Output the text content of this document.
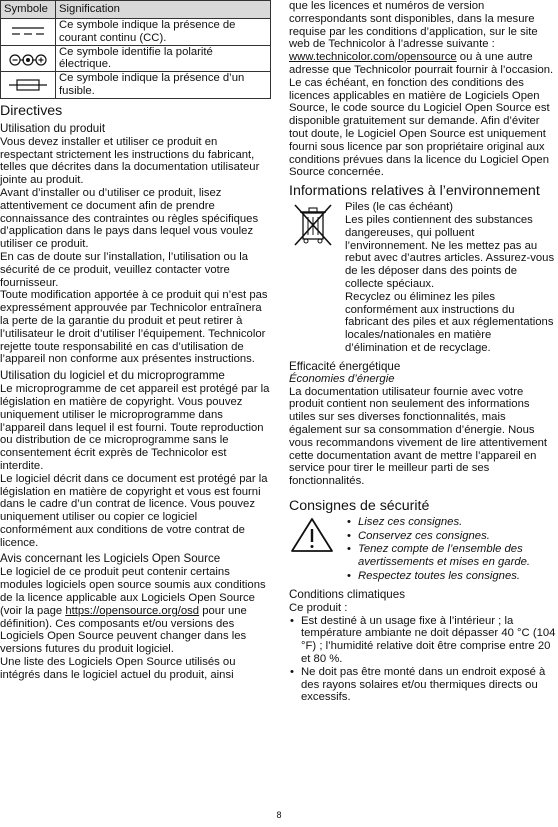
Symbole	Signification

	Ce symbole indique la présence de courant continu (CC).

	Ce symbole identifie la polarité électrique.

	Ce symbole indique la présence d’un fusible.
Directives
Utilisation du produit

Vous devez installer et utiliser ce produit en respectant strictement les instructions du fabricant, telles que décrites dans la documentation utilisateur jointe au produit.

Avant d’installer ou d’utiliser ce produit, lisez attentivement ce document afin de prendre connaissance des contraintes ou règles spécifiques d’application dans le pays dans lequel vous voulez utiliser ce produit.

En cas de doute sur l’installation, l’utilisation ou la sécurité de ce produit, veuillez contacter votre fournisseur.

Toute modification apportée à ce produit qui n’est pas expressément approuvée par Technicolor entraînera la perte de la garantie du produit et peut retirer à l’utilisateur le droit d’utiliser l’équipement. Technicolor rejette toute responsabilité en cas d’utilisation de l’appareil non conforme aux présentes instructions.

Utilisation du logiciel et du microprogramme

Le microprogramme de cet appareil est protégé par la législation en matière de copyright. Vous pouvez uniquement utiliser le microprogramme dans l’appareil dans lequel il est fourni. Toute reproduction ou distribution de ce microprogramme sans le consentement écrit exprès de Technicolor est interdite.

Le logiciel décrit dans ce document est protégé par la législation en matière de copyright et vous est fourni dans le cadre d’un contrat de licence. Vous pouvez uniquement utiliser ou copier ce logiciel conformément aux conditions de votre contrat de licence.

Avis concernant les Logiciels Open Source

Le logiciel de ce produit peut contenir certains modules logiciels open source soumis aux conditions de la licence applicable aux Logiciels Open Source (voir la page https://opensource.org/osd pour une définition). Ces composants et/ou versions des Logiciels Open Source peuvent changer dans les versions futures du produit logiciel.

Une liste des Logiciels Open Source utilisés ou intégrés dans le logiciel actuel du produit, ainsi

que les licences et numéros de version correspondants sont disponibles, dans la mesure requise par les conditions d’application, sur le site web de Technicolor à l’adresse suivante : www.technicolor.com/opensource ou à une autre adresse que Technicolor pourrait fournir à l’occasion.

Le cas échéant, en fonction des conditions des licences applicables en matière de Logiciels Open Source, le code source du Logiciel Open Source est disponible gratuitement sur demande. Afin d’éviter tout doute, le Logiciel Open Source est uniquement fourni sous licence par son propriétaire original aux conditions prévues dans la licence du Logiciel Open Source concernée.

Informations relatives à l’environnement

Piles (le cas échéant)

Les piles contiennent des substances dangereuses, qui polluent l’environnement. Ne les mettez pas au rebut avec d’autres articles. Assurez-vous de les déposer dans des points de collecte spéciaux.

Recyclez ou éliminez les piles conformément aux instructions du fabricant des piles et aux réglementations locales/nationales en matière d’élimination et de recyclage.

Efficacité énergétique

Économies d’énergie

La documentation utilisateur fournie avec votre produit contient non seulement des informations utiles sur ses diverses fonctionnalités, mais également sur sa consommation d’énergie. Nous vous recommandons vivement de lire attentivement cette documentation avant de mettre l’appareil en service pour tirer le meilleur parti de ses fonctionnalités.

Consignes de sécurité
• Lisez ces consignes.
• Conservez ces consignes.
• Tenez compte de l’ensemble des avertissements et mises en garde.
• Respectez toutes les consignes.
Conditions climatiques

Ce produit :

• Est destiné à un usage fixe à l’intérieur ; la température ambiante ne doit dépasser 40 °C (104 °F) ; l’humidité relative doit être comprise entre 20 et 80 %.
• Ne doit pas être monté dans un endroit exposé à des rayons solaires et/ou thermiques directs ou excessifs.
8
